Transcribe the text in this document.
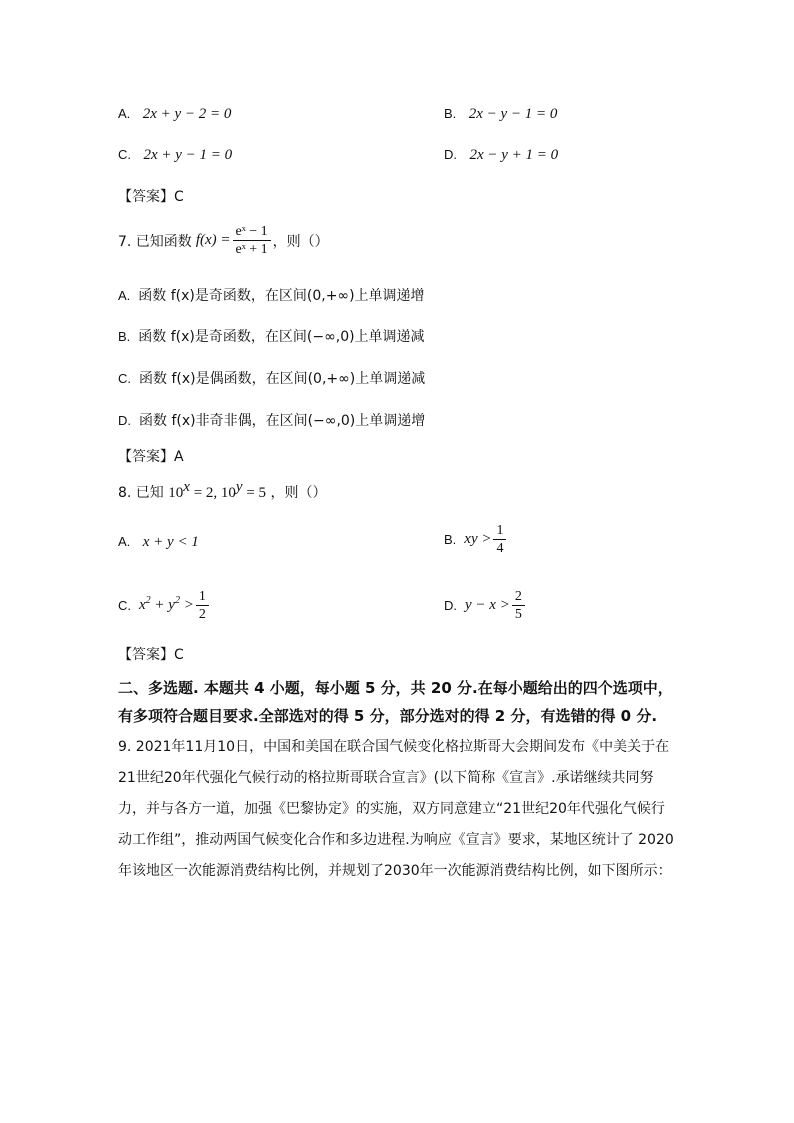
A. 2x + y − 2 = 0	B. 2x − y − 1 = 0
C. 2x + y − 1 = 0	D. 2x − y + 1 = 0
【答案】C
7. 已知函数 $f(x) = \frac{\text{eˣ − 1}}{\text{eˣ + 1}}$ ，则（）
A. 函数 f(x)是奇函数，在区间(0,+∞)上单调递增
B. 函数 f(x)是奇函数，在区间(−∞,0)上单调递减
C. 函数 f(x)是偶函数，在区间(0,+∞)上单调递减
D. 函数 f(x)非奇非偶，在区间(−∞,0)上单调递增
【答案】A
8. 已知 $10^x = 2$, $10^y = 5$ ，则（）
A. x + y < 1	B. xy > $\frac{1}{4}$
C. $x^2 + y^2 > \frac{1}{2}$	D. $y - x > \frac{2}{5}$
【答案】C
二、多选题. 本题共 4 小题，每小题 5 分，共 20 分.在每小题给出的四个选项中，
有多项符合题目要求.全部选对的得 5 分，部分选对的得 2 分，有选错的得 0 分.
9. 2021年11月10日，中国和美国在联合国气候变化格拉斯哥大会期间发布《中美关于在
21世纪20年代强化气候行动的格拉斯哥联合宣言》(以下简称《宣言》.承诺继续共同努
力，并与各方一道，加强《巴黎协定》的实施，双方同意建立“21世纪20年代强化气候行
动工作组”，推动两国气候变化合作和多边进程.为响应《宣言》要求，某地区统计了 2020
年该地区一次能源消费结构比例，并规划了2030年一次能源消费结构比例，如下图所示：
